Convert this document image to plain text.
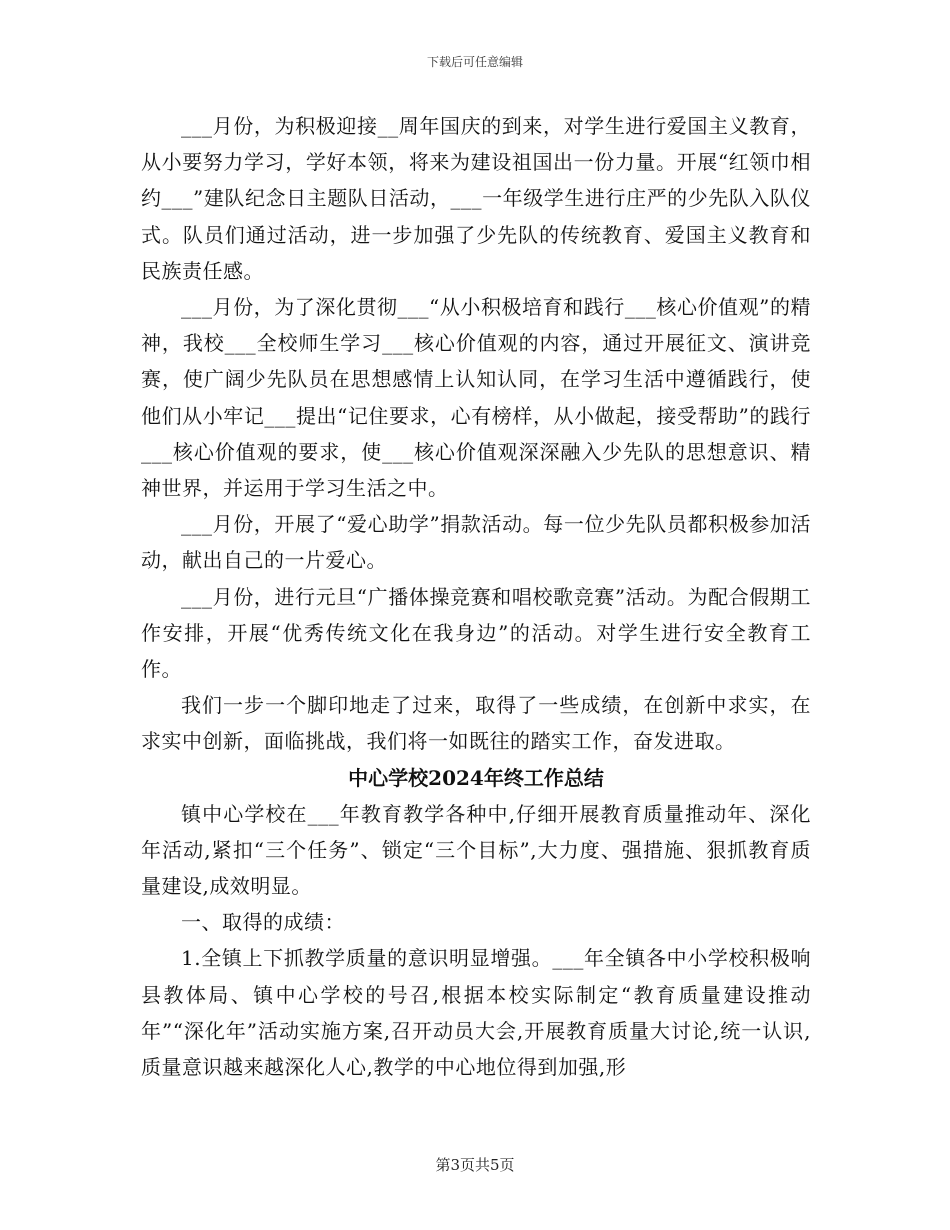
下载后可任意编辑

___月份，为积极迎接__周年国庆的到来，对学生进行爱国主义教育，从小要努力学习，学好本领，将来为建设祖国出一份力量。开展“红领巾相约___”建队纪念日主题队日活动，___一年级学生进行庄严的少先队入队仪式。队员们通过活动，进一步加强了少先队的传统教育、爱国主义教育和民族责任感。

___月份，为了深化贯彻___“从小积极培育和践行___核心价值观”的精神，我校___全校师生学习___核心价值观的内容，通过开展征文、演讲竞赛，使广阔少先队员在思想感情上认知认同，在学习生活中遵循践行，使他们从小牢记___提出“记住要求，心有榜样，从小做起，接受帮助”的践行___核心价值观的要求，使___核心价值观深深融入少先队的思想意识、精神世界，并运用于学习生活之中。

___月份，开展了“爱心助学”捐款活动。每一位少先队员都积极参加活动，献出自己的一片爱心。

___月份，进行元旦“广播体操竞赛和唱校歌竞赛”活动。为配合假期工作安排，开展“优秀传统文化在我身边”的活动。对学生进行安全教育工作。

我们一步一个脚印地走了过来，取得了一些成绩，在创新中求实，在求实中创新，面临挑战，我们将一如既往的踏实工作，奋发进取。

中心学校2024年终工作总结

镇中心学校在___年教育教学各种中,仔细开展教育质量推动年、深化年活动,紧扣“三个任务”、锁定“三个目标”,大力度、强措施、狠抓教育质量建设,成效明显。

一、取得的成绩：

1.全镇上下抓教学质量的意识明显增强。___年全镇各中小学校积极响县教体局、镇中心学校的号召,根据本校实际制定“教育质量建设推动年”“深化年”活动实施方案,召开动员大会,开展教育质量大讨论,统一认识,质量意识越来越深化人心,教学的中心地位得到加强,形

第3页共5页
